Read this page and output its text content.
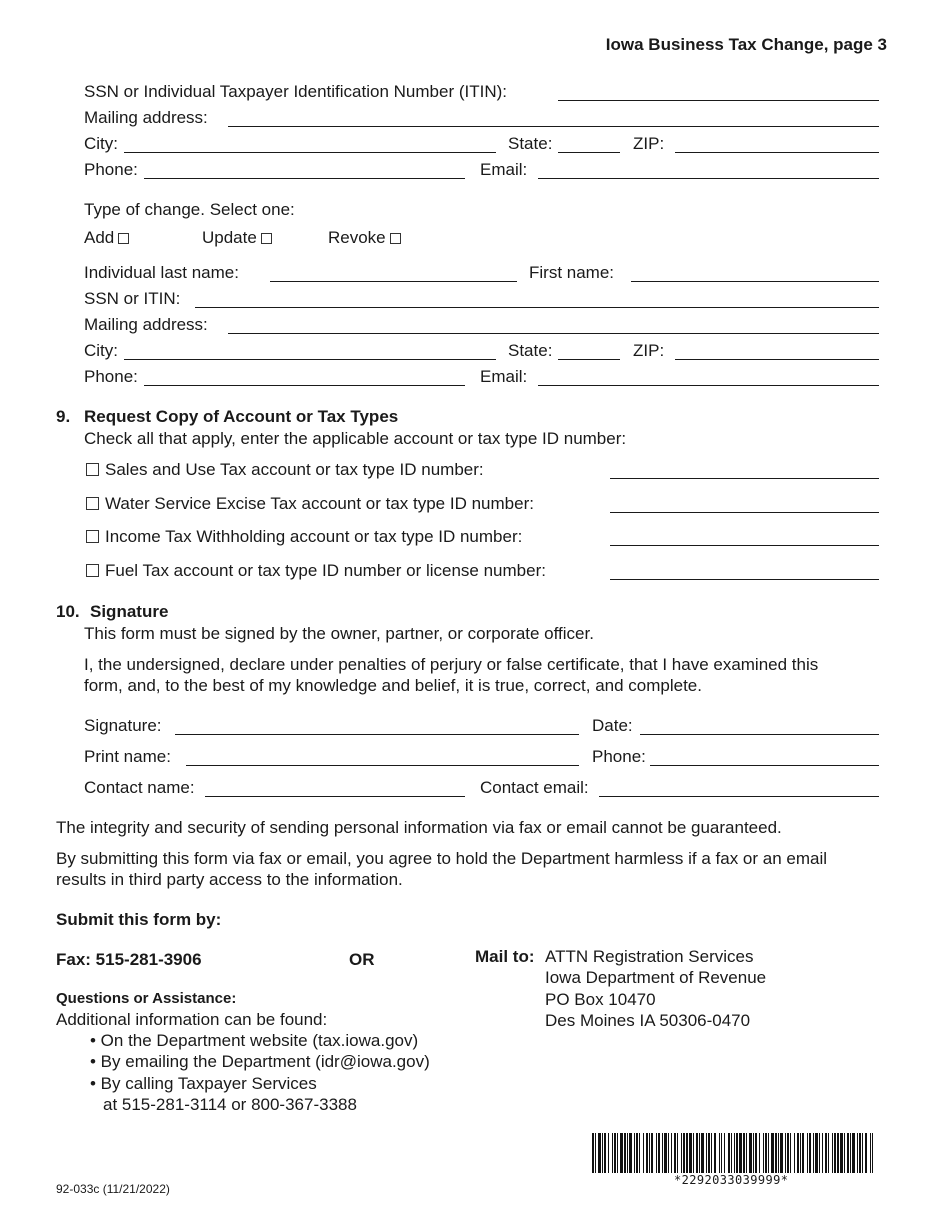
Iowa Business Tax Change, page 3
SSN or Individual Taxpayer Identification Number (ITIN):
Mailing address:
City:	State:	ZIP:
Phone:	Email:
Type of change. Select one:
Add	Update	Revoke
Individual last name:	First name:
SSN or ITIN:
Mailing address:
City:	State:	ZIP:
Phone:	Email:
9. Request Copy of Account or Tax Types
Check all that apply, enter the applicable account or tax type ID number:
Sales and Use Tax account or tax type ID number:
Water Service Excise Tax account or tax type ID number:
Income Tax Withholding account or tax type ID number:
Fuel Tax account or tax type ID number or license number:
10. Signature
This form must be signed by the owner, partner, or corporate officer.
I, the undersigned, declare under penalties of perjury or false certificate, that I have examined this
form, and, to the best of my knowledge and belief, it is true, correct, and complete.
Signature:	Date:
Print name:	Phone:
Contact name:	Contact email:
The integrity and security of sending personal information via fax or email cannot be guaranteed.
By submitting this form via fax or email, you agree to hold the Department harmless if a fax or an email
results in third party access to the information.
Submit this form by:
Fax: 515-281-3906	OR	Mail to: ATTN Registration Services
Iowa Department of Revenue
PO Box 10470
Des Moines IA 50306-0470
Questions or Assistance:
Additional information can be found:
• On the Department website (tax.iowa.gov)
• By emailing the Department (idr@iowa.gov)
• By calling Taxpayer Services
at 515-281-3114 or 800-367-3388
92-033c (11/21/2022)
*2292033039999*
